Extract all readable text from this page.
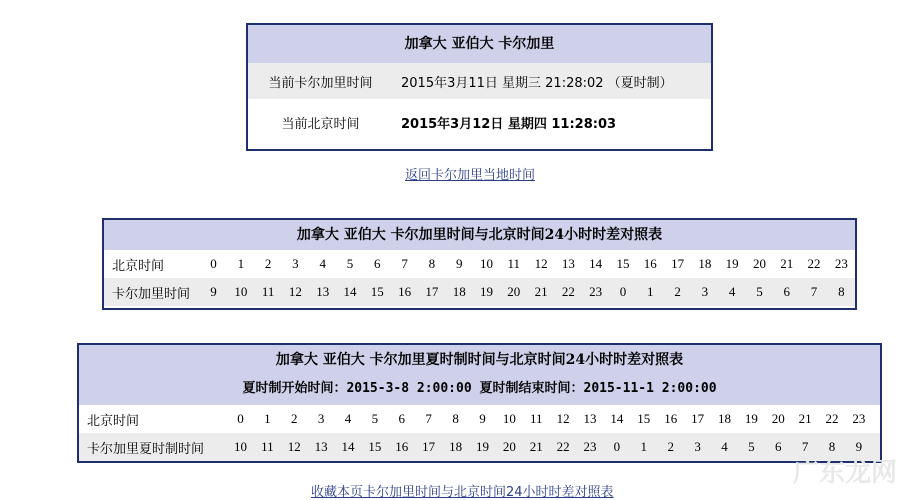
加拿大 亚伯大 卡尔加里
当前卡尔加里时间	2015年3月11日 星期三 21:28:02 （夏时制）
当前北京时间	2015年3月12日 星期四 11:28:03
返回卡尔加里当地时间
加拿大 亚伯大 卡尔加里时间与北京时间24小时时差对照表
北京时间	0	1	2	3	4	5	6	7	8	9	10	11	12	13	14	15	16	17	18	19	20	21	22	23
卡尔加里时间	9	10	11	12	13	14	15	16	17	18	19	20	21	22	23	0	1	2	3	4	5	6	7	8
加拿大 亚伯大 卡尔加里夏时制时间与北京时间24小时时差对照表
夏时制开始时间：2015-3-8 2:00:00 夏时制结束时间：2015-11-1 2:00:00
北京时间	0	1	2	3	4	5	6	7	8	9	10	11	12	13	14	15	16	17	18	19	20	21	22	23
卡尔加里夏时制时间	10	11	12	13	14	15	16	17	18	19	20	21	22	23	0	1	2	3	4	5	6	7	8	9
收藏本页卡尔加里时间与北京时间24小时时差对照表
广东龙网
